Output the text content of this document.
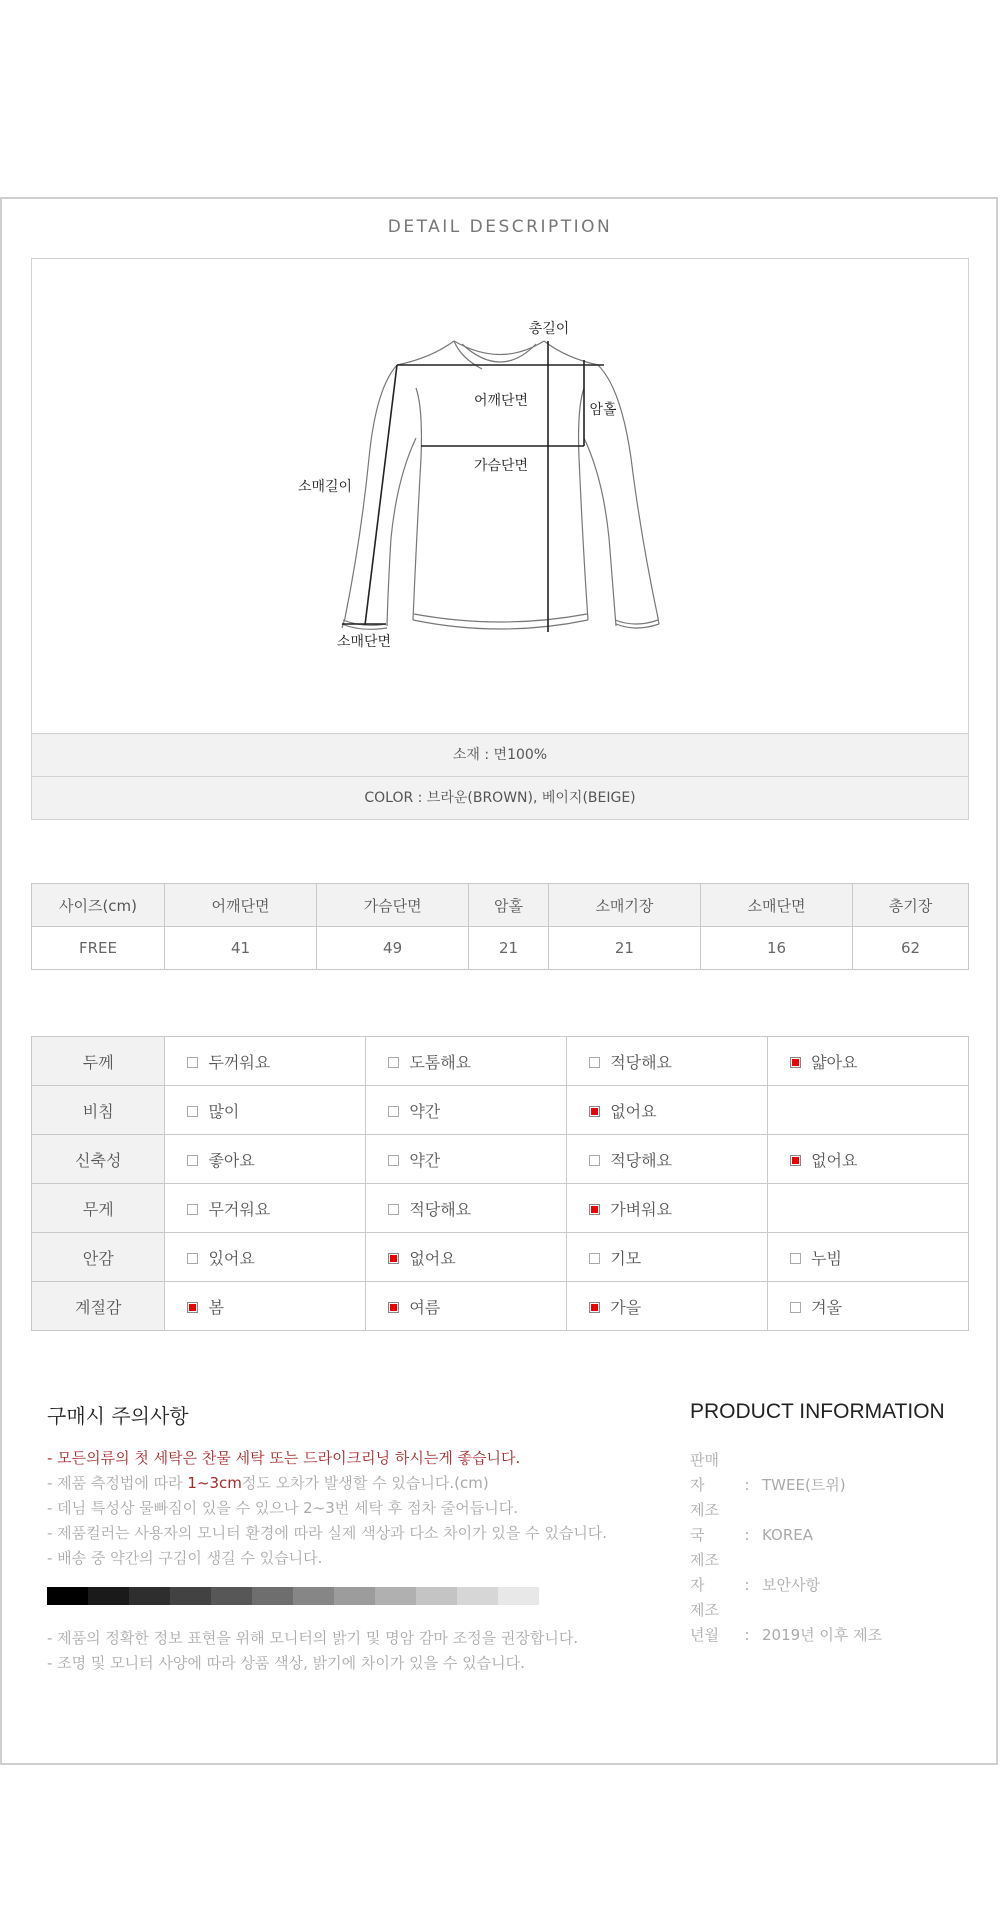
DETAIL DESCRIPTION
총길이
어깨단면
암홀
가슴단면
소매길이
소매단면
소재 : 면100%
COLOR : 브라운(BROWN), 베이지(BEIGE)
사이즈(cm)	어깨단면	가슴단면	암홀	소매기장	소매단면	총기장
FREE	41	49	21	21	16	62
두께	두꺼워요	도톰해요	적당해요	얇아요
비침	많이	약간	없어요	
신축성	좋아요	약간	적당해요	없어요
무게	무거워요	적당해요	가벼워요	
안감	있어요	없어요	기모	누빔
계절감	봄	여름	가을	겨울
구매시 주의사항
- 모든의류의 첫 세탁은 찬물 세탁 또는 드라이크리닝 하시는게 좋습니다.
- 제품 측정법에 따라 1~3cm정도 오차가 발생할 수 있습니다.(cm)
- 데님 특성상 물빠짐이 있을 수 있으나 2~3번 세탁 후 점차 줄어듭니다.
- 제품컬러는 사용자의 모니터 환경에 따라 실제 색상과 다소 차이가 있을 수 있습니다.
- 배송 중 약간의 구김이 생길 수 있습니다.
- 제품의 정확한 정보 표현을 위해 모니터의 밝기 및 명암 감마 조정을 권장합니다.
- 조명 및 모니터 사양에 따라 상품 색상, 밝기에 차이가 있을 수 있습니다.
PRODUCT INFORMATION
판매자	: TWEE(트위)
제조국	: KOREA
제조자	: 보안사항
제조년월 : 2019년 이후 제조
